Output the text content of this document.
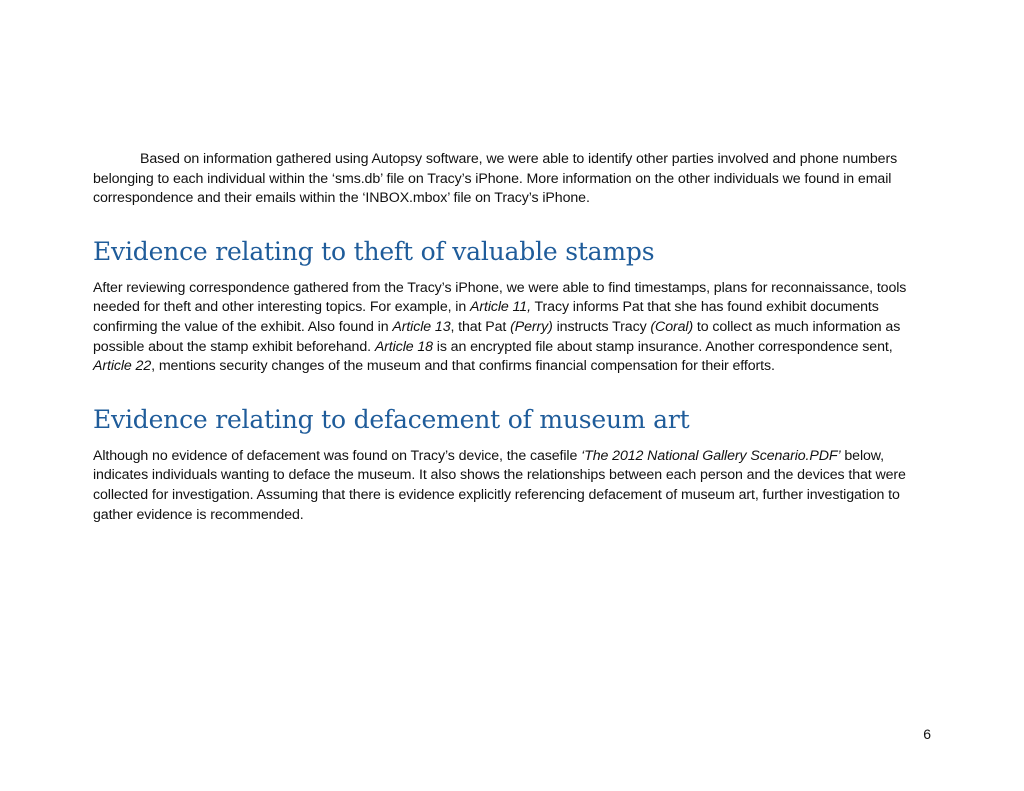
Based on information gathered using Autopsy software, we were able to identify other parties involved and phone numbers belonging to each individual within the ‘sms.db’ file on Tracy’s iPhone. More information on the other individuals we found in email correspondence and their emails within the ‘INBOX.mbox’ file on Tracy’s iPhone.

Evidence relating to theft of valuable stamps

After reviewing correspondence gathered from the Tracy’s iPhone, we were able to find timestamps, plans for reconnaissance, tools needed for theft and other interesting topics. For example, in Article 11, Tracy informs Pat that she has found exhibit documents confirming the value of the exhibit. Also found in Article 13, that Pat (Perry) instructs Tracy (Coral) to collect as much information as possible about the stamp exhibit beforehand. Article 18 is an encrypted file about stamp insurance. Another correspondence sent, Article 22, mentions security changes of the museum and that confirms financial compensation for their efforts.

Evidence relating to defacement of museum art

Although no evidence of defacement was found on Tracy’s device, the casefile ‘The 2012 National Gallery Scenario.PDF’ below, indicates individuals wanting to deface the museum. It also shows the relationships between each person and the devices that were collected for investigation. Assuming that there is evidence explicitly referencing defacement of museum art, further investigation to gather evidence is recommended.

6
